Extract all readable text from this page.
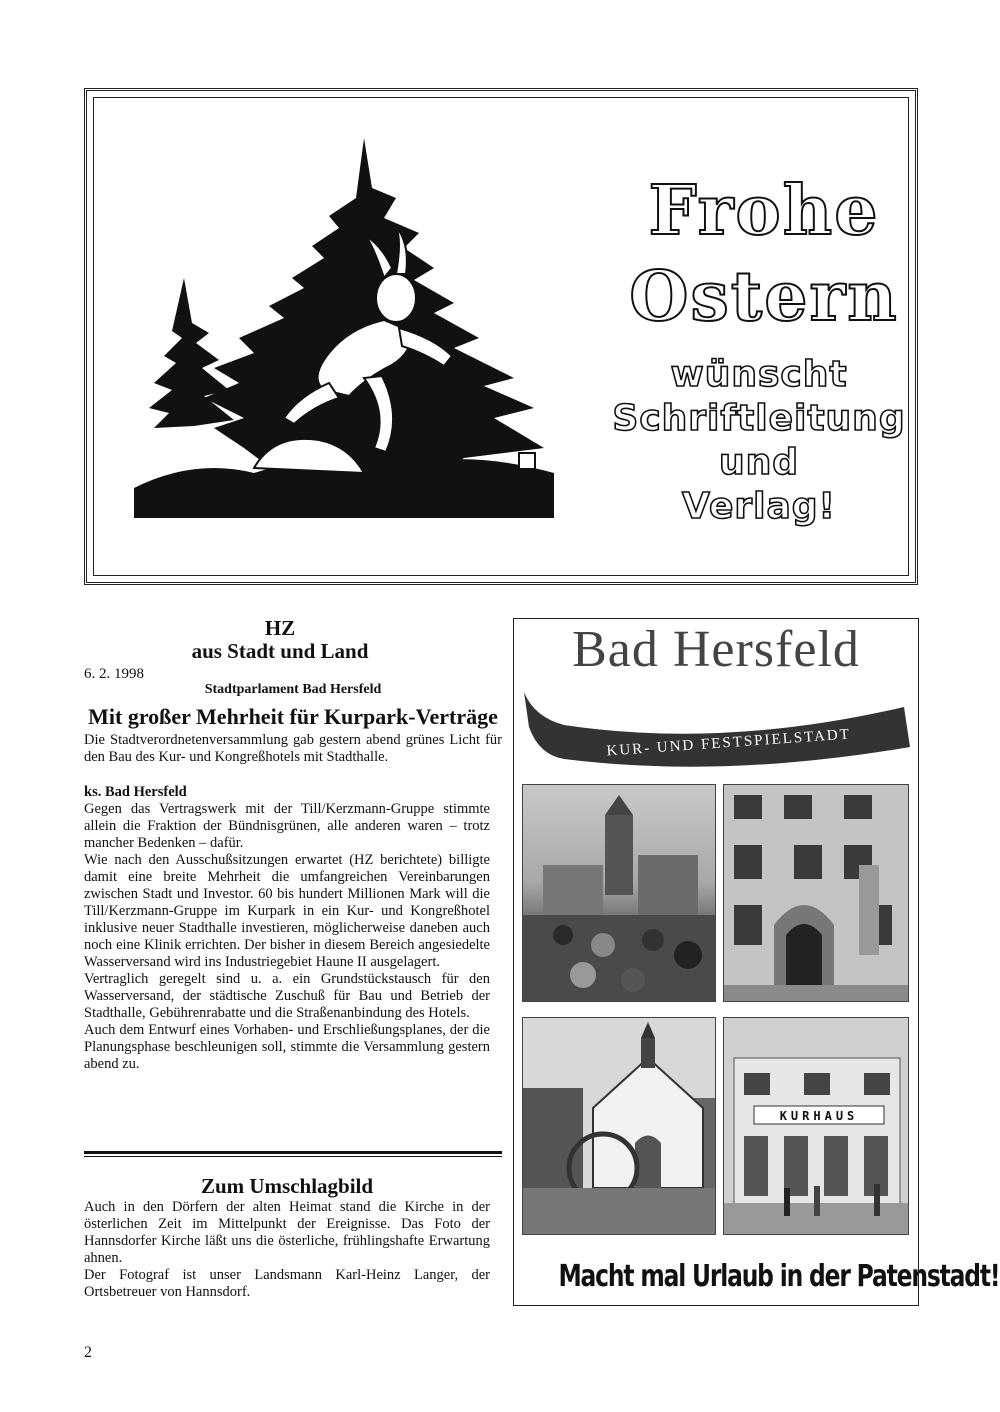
Frohe
Ostern
wünscht
Schriftleitung
und
Verlag!
HZ
aus Stadt und Land
6. 2. 1998
Stadtparlament Bad Hersfeld
Mit großer Mehrheit für Kurpark-Verträge
Die Stadtverordnetenversammlung gab gestern abend grünes Licht für den Bau des Kur- und Kongreßhotels mit Stadthalle.
ks. Bad Hersfeld

Gegen das Vertragswerk mit der Till/Kerzmann-Gruppe stimmte allein die Fraktion der Bündnisgrünen, alle anderen waren – trotz mancher Bedenken – dafür.

Wie nach den Ausschußsitzungen erwartet (HZ berichtete) billigte damit eine breite Mehrheit die umfangreichen Vereinbarungen zwischen Stadt und Investor. 60 bis hundert Millionen Mark will die Till/Kerzmann-Gruppe im Kurpark in ein Kur- und Kongreßhotel inklusive neuer Stadthalle investieren, möglicherweise daneben auch noch eine Klinik errichten. Der bisher in diesem Bereich angesiedelte Wasserversand wird ins Industriegebiet Haune II ausgelagert.

Vertraglich geregelt sind u. a. ein Grundstückstausch für den Wasserversand, der städtische Zuschuß für Bau und Betrieb der Stadthalle, Gebührenrabatte und die Straßenanbindung des Hotels.

Auch dem Entwurf eines Vorhaben- und Erschließungsplanes, der die Planungsphase beschleunigen soll, stimmte die Versammlung gestern abend zu.

Zum Umschlagbild

Auch in den Dörfern der alten Heimat stand die Kirche in der österlichen Zeit im Mittelpunkt der Ereignisse. Das Foto der Hannsdorfer Kirche läßt uns die österliche, frühlingshafte Erwartung ahnen.

Der Fotograf ist unser Landsmann Karl-Heinz Langer, der Ortsbetreuer von Hannsdorf.

2
Bad Hersfeld
KUR- UND FESTSPIELSTADT
KURHAUS
Macht mal Urlaub in der Patenstadt!
